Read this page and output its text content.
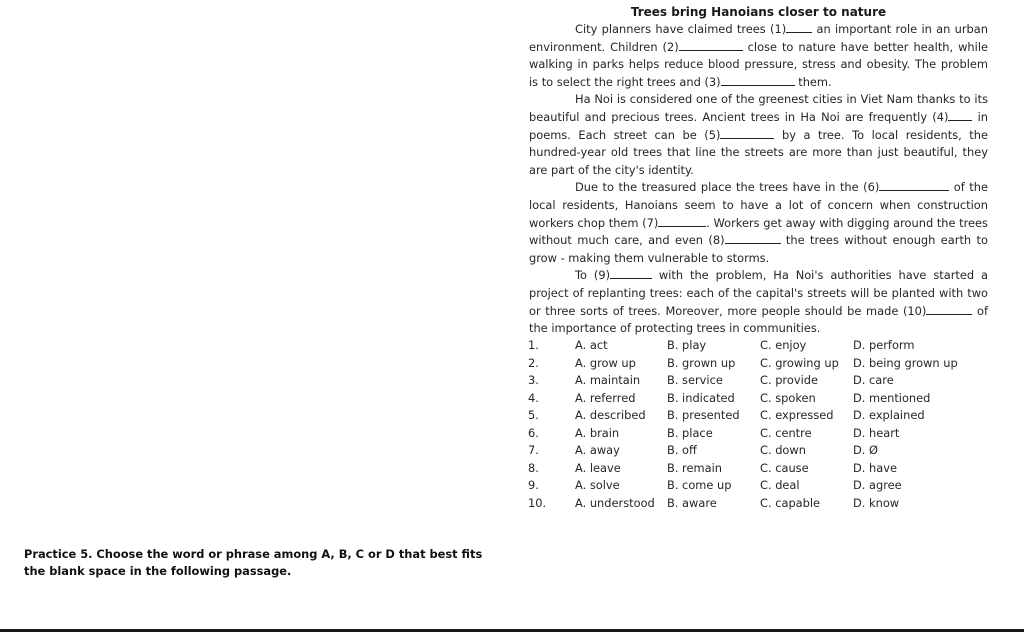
Trees bring Hanoians closer to nature

City planners have claimed trees (1) an important role in an urban environment. Children (2)	close to nature have better health, while walking in parks helps reduce blood pressure, stress and obesity. The problem is to select the right trees and (3)	them.

Ha Noi is considered one of the greenest cities in Viet Nam thanks to its beautiful and precious trees. Ancient trees in Ha Noi are frequently (4) in poems. Each street can be (5)	by a tree. To local residents, the hundred-year old trees that line the streets are more than just beautiful, they are part of the city's identity.

Due to the treasured place the trees have in the (6)	of the local residents, Hanoians seem to have a lot of concern when construction workers chop them (7)	. Workers get away with digging around the trees without much care, and even (8)	the trees without enough earth to grow - making them vulnerable to storms.

To (9)	with the problem, Ha Noi's authorities have started a project of replanting trees: each of the capital's streets will be planted with two or three sorts of trees. Moreover, more people should be made (10)	of the importance of protecting trees in communities.

1.	A. act	B. play	C. enjoy	D. perform
2.	A. grow up	B. grown up	C. growing up	D. being grown up
3.	A. maintain	B. service	C. provide	D. care
4.	A. referred	B. indicated	C. spoken	D. mentioned
5.	A. described	B. presented	C. expressed	D. explained
6.	A. brain	B. place	C. centre	D. heart
7.	A. away	B. off	C. down	D. Ø
8.	A. leave	B. remain	C. cause	D. have
9.	A. solve	B. come up	C. deal	D. agree
10.	A. understood	B. aware	C. capable	D. know
Practice 5. Choose the word or phrase among A, B, C or D that best fits the blank space in the following passage.
